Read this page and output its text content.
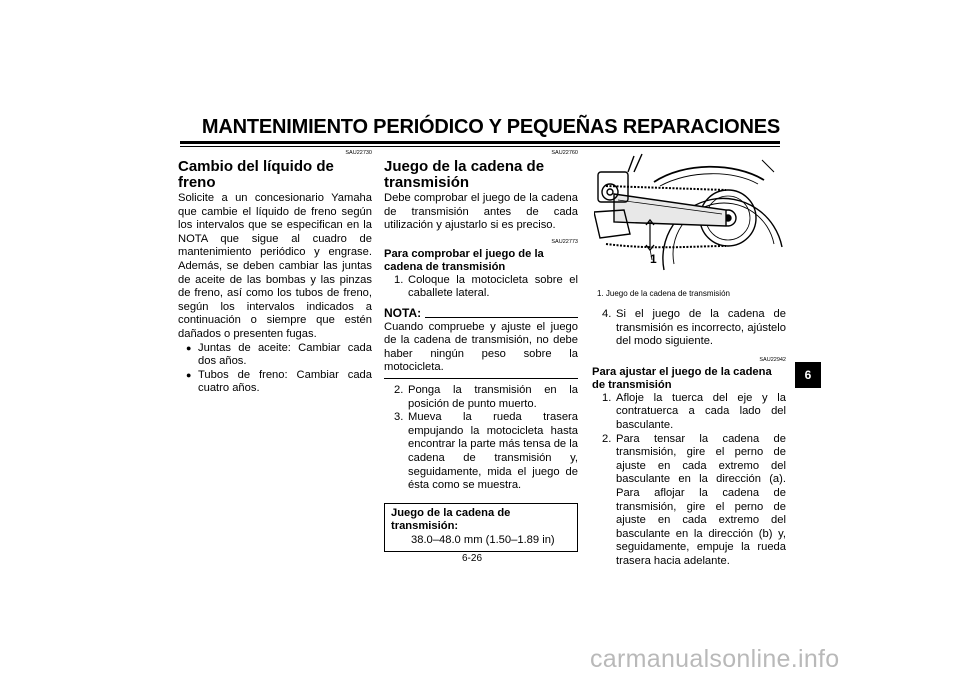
MANTENIMIENTO PERIÓDICO Y PEQUEÑAS REPARACIONES
SAU22730
Cambio del líquido de freno

Solicite a un concesionario Yamaha que cambie el líquido de freno según los intervalos que se especifican en la NOTA que sigue al cuadro de mantenimiento periódico y engrase. Además, se deben cambiar las juntas de aceite de las bombas y las pinzas de freno, así como los tubos de freno, según los intervalos indicados a continuación o siempre que estén dañados o presenten fugas.

● Juntas de aceite: Cambiar cada dos años.
● Tubos de freno: Cambiar cada cuatro años.
SAU22760
Juego de la cadena de transmisión

Debe comprobar el juego de la cadena de transmisión antes de cada utilización y ajustarlo si es preciso.

SAU22773
Para comprobar el juego de la cadena de transmisión
1. Coloque la motocicleta sobre el caballete lateral.
NOTA:

Cuando compruebe y ajuste el juego de la cadena de transmisión, no debe haber ningún peso sobre la motocicleta.

2. Ponga la transmisión en la posición de punto muerto.
3. Mueva la rueda trasera empujando la motocicleta hasta encontrar la parte más tensa de la cadena de transmisión y, seguidamente, mida el juego de ésta como se muestra.
Juego de la cadena de transmisión:
38.0–48.0 mm (1.50–1.89 in)
1
1. Juego de la cadena de transmisión
4. Si el juego de la cadena de transmisión es incorrecto, ajústelo del modo siguiente.
SAU22942
Para ajustar el juego de la cadena de transmisión
1. Afloje la tuerca del eje y la contratuerca a cada lado del basculante.
2. Para tensar la cadena de transmisión, gire el perno de ajuste en cada extremo del basculante en la dirección (a). Para aflojar la cadena de transmisión, gire el perno de ajuste en cada extremo del basculante en la dirección (b) y, seguidamente, empuje la rueda trasera hacia adelante.
6
6-26
carmanualsonline.info
